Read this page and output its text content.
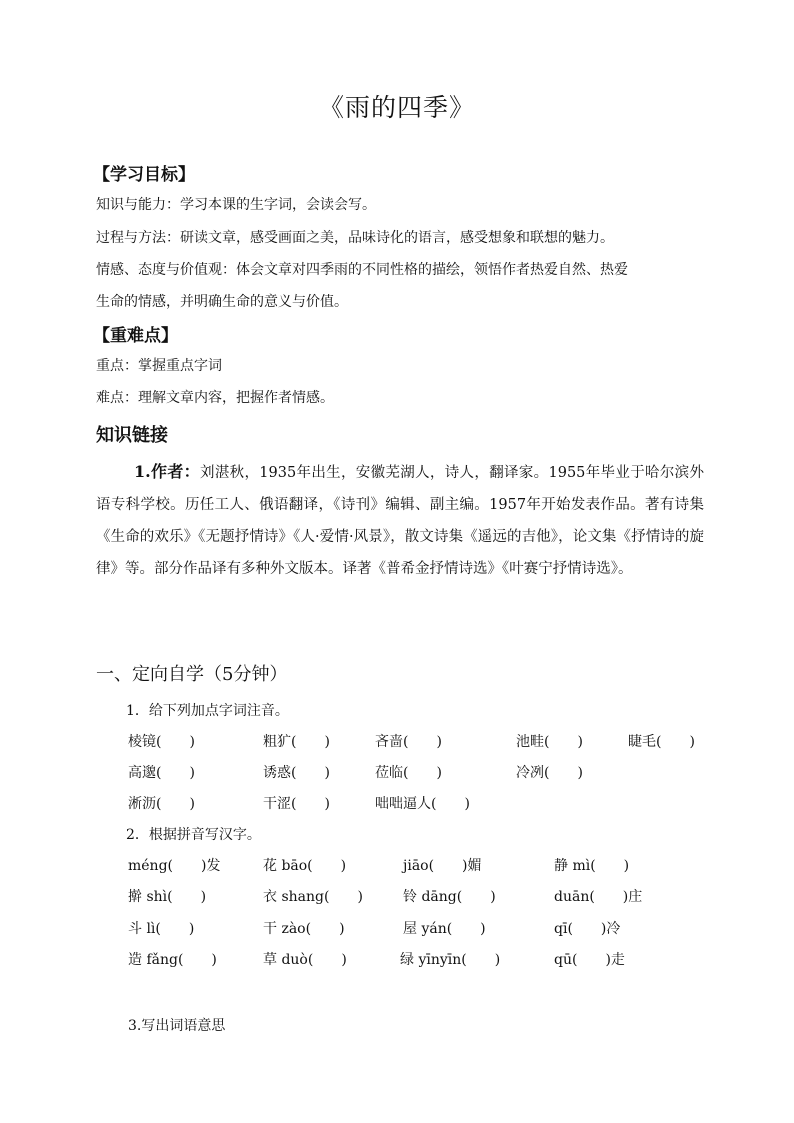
《雨的四季》
【学习目标】
知识与能力：学习本课的生字词，会读会写。
过程与方法：研读文章，感受画面之美，品味诗化的语言，感受想象和联想的魅力。
情感、态度与价值观：体会文章对四季雨的不同性格的描绘，领悟作者热爱自然、热爱
生命的情感，并明确生命的意义与价值。
【重难点】
重点：掌握重点字词
难点：理解文章内容，把握作者情感。
知识链接
1.作者：刘湛秋，1935年出生，安徽芜湖人，诗人，翻译家。1955年毕业于哈尔滨外语专科学校。历任工人、俄语翻译，《诗刊》编辑、副主编。1957年开始发表作品。著有诗集《生命的欢乐》《无题抒情诗》《人·爱情·风景》，散文诗集《遥远的吉他》，论文集《抒情诗的旋律》等。部分作品译有多种外文版本。译著《普希金抒情诗选》《叶赛宁抒情诗选》。
一、定向自学（5分钟）
1．给下列加点字词注音。
棱镜(　　)	粗犷(　　)	吝啬(　　)	池畦(　　)	睫毛(　　)
高邈(　　)	诱惑(　　)	莅临(　　)	冷冽(　　)
淅沥(　　)	干涩(　　)	咄咄逼人(　　)
2．根据拼音写汉字。
méng(　　)发	花 bāo(　　)	jiāo(　　)媚	静 mì(　　)
擀 shì(　　)	衣 shang(　　)	铃 dāng(　　)	duān(　　)庄
斗 lì(　　)	干 zào(　　)	屋 yán(　　)	qī(　　)冷
造 fǎng(　　)	草 duò(　　)	绿 yīnyīn(　　)	qū(　　)走
3.写出词语意思
